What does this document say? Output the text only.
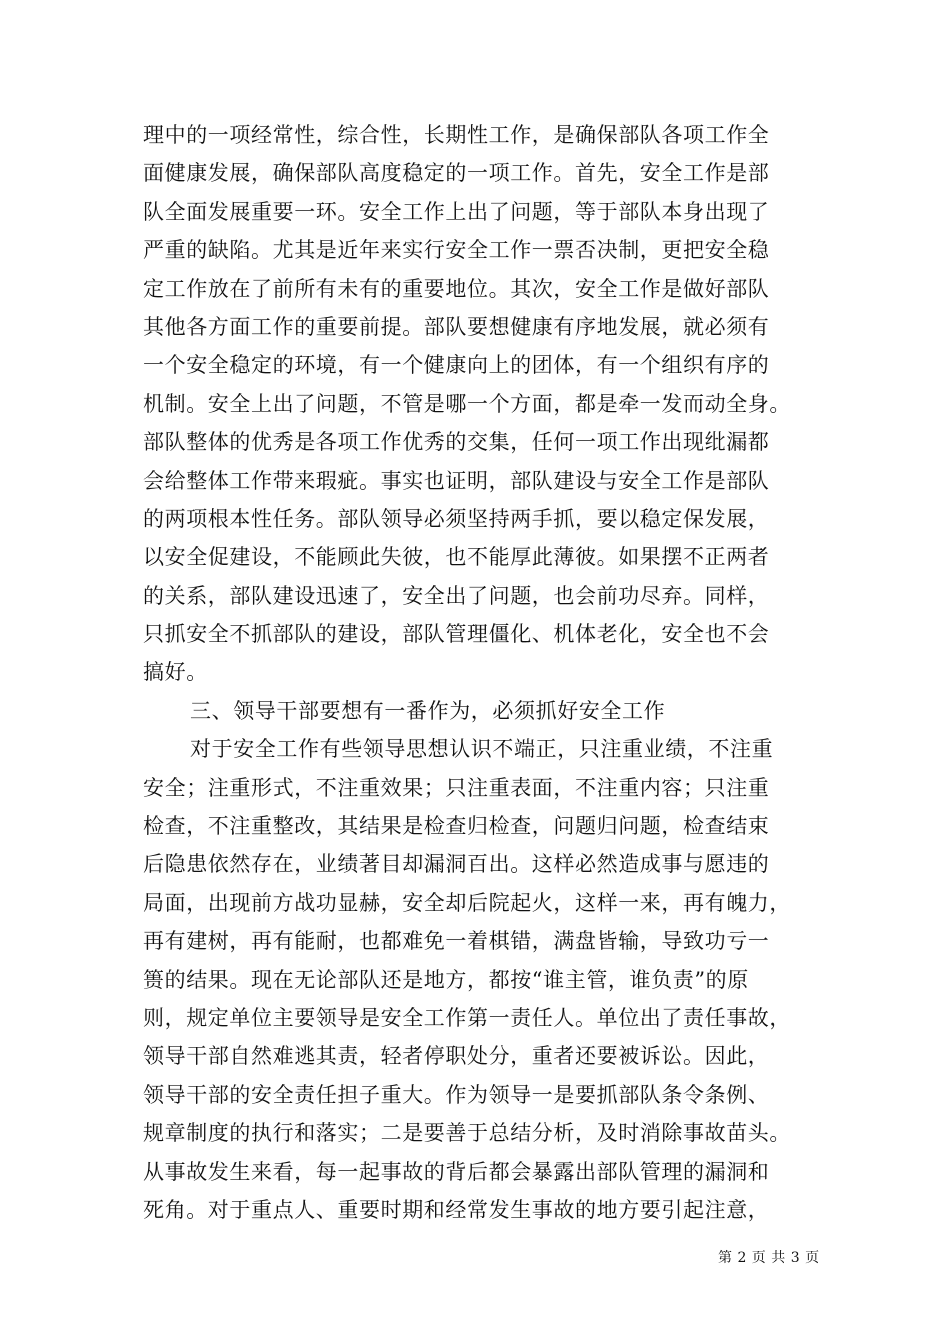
理中的一项经常性，综合性，长期性工作，是确保部队各项工作全
面健康发展，确保部队高度稳定的一项工作。首先，安全工作是部
队全面发展重要一环。安全工作上出了问题，等于部队本身出现了
严重的缺陷。尤其是近年来实行安全工作一票否决制，更把安全稳
定工作放在了前所有未有的重要地位。其次，安全工作是做好部队
其他各方面工作的重要前提。部队要想健康有序地发展，就必须有
一个安全稳定的环境，有一个健康向上的团体，有一个组织有序的
机制。安全上出了问题，不管是哪一个方面，都是牵一发而动全身。
部队整体的优秀是各项工作优秀的交集，任何一项工作出现纰漏都
会给整体工作带来瑕疵。事实也证明，部队建设与安全工作是部队
的两项根本性任务。部队领导必须坚持两手抓，要以稳定保发展，
以安全促建设，不能顾此失彼，也不能厚此薄彼。如果摆不正两者
的关系，部队建设迅速了，安全出了问题，也会前功尽弃。同样，
只抓安全不抓部队的建设，部队管理僵化、机体老化，安全也不会
搞好。
三、领导干部要想有一番作为，必须抓好安全工作
对于安全工作有些领导思想认识不端正，只注重业绩，不注重
安全；注重形式，不注重效果；只注重表面，不注重内容；只注重
检查，不注重整改，其结果是检查归检查，问题归问题，检查结束
后隐患依然存在，业绩著目却漏洞百出。这样必然造成事与愿违的
局面，出现前方战功显赫，安全却后院起火，这样一来，再有魄力，
再有建树，再有能耐，也都难免一着棋错，满盘皆输，导致功亏一
篑的结果。现在无论部队还是地方，都按“谁主管，谁负责”的原
则，规定单位主要领导是安全工作第一责任人。单位出了责任事故，
领导干部自然难逃其责，轻者停职处分，重者还要被诉讼。因此，
领导干部的安全责任担子重大。作为领导一是要抓部队条令条例、
规章制度的执行和落实；二是要善于总结分析，及时消除事故苗头。
从事故发生来看，每一起事故的背后都会暴露出部队管理的漏洞和
死角。对于重点人、重要时期和经常发生事故的地方要引起注意，
第 2 页 共 3 页
